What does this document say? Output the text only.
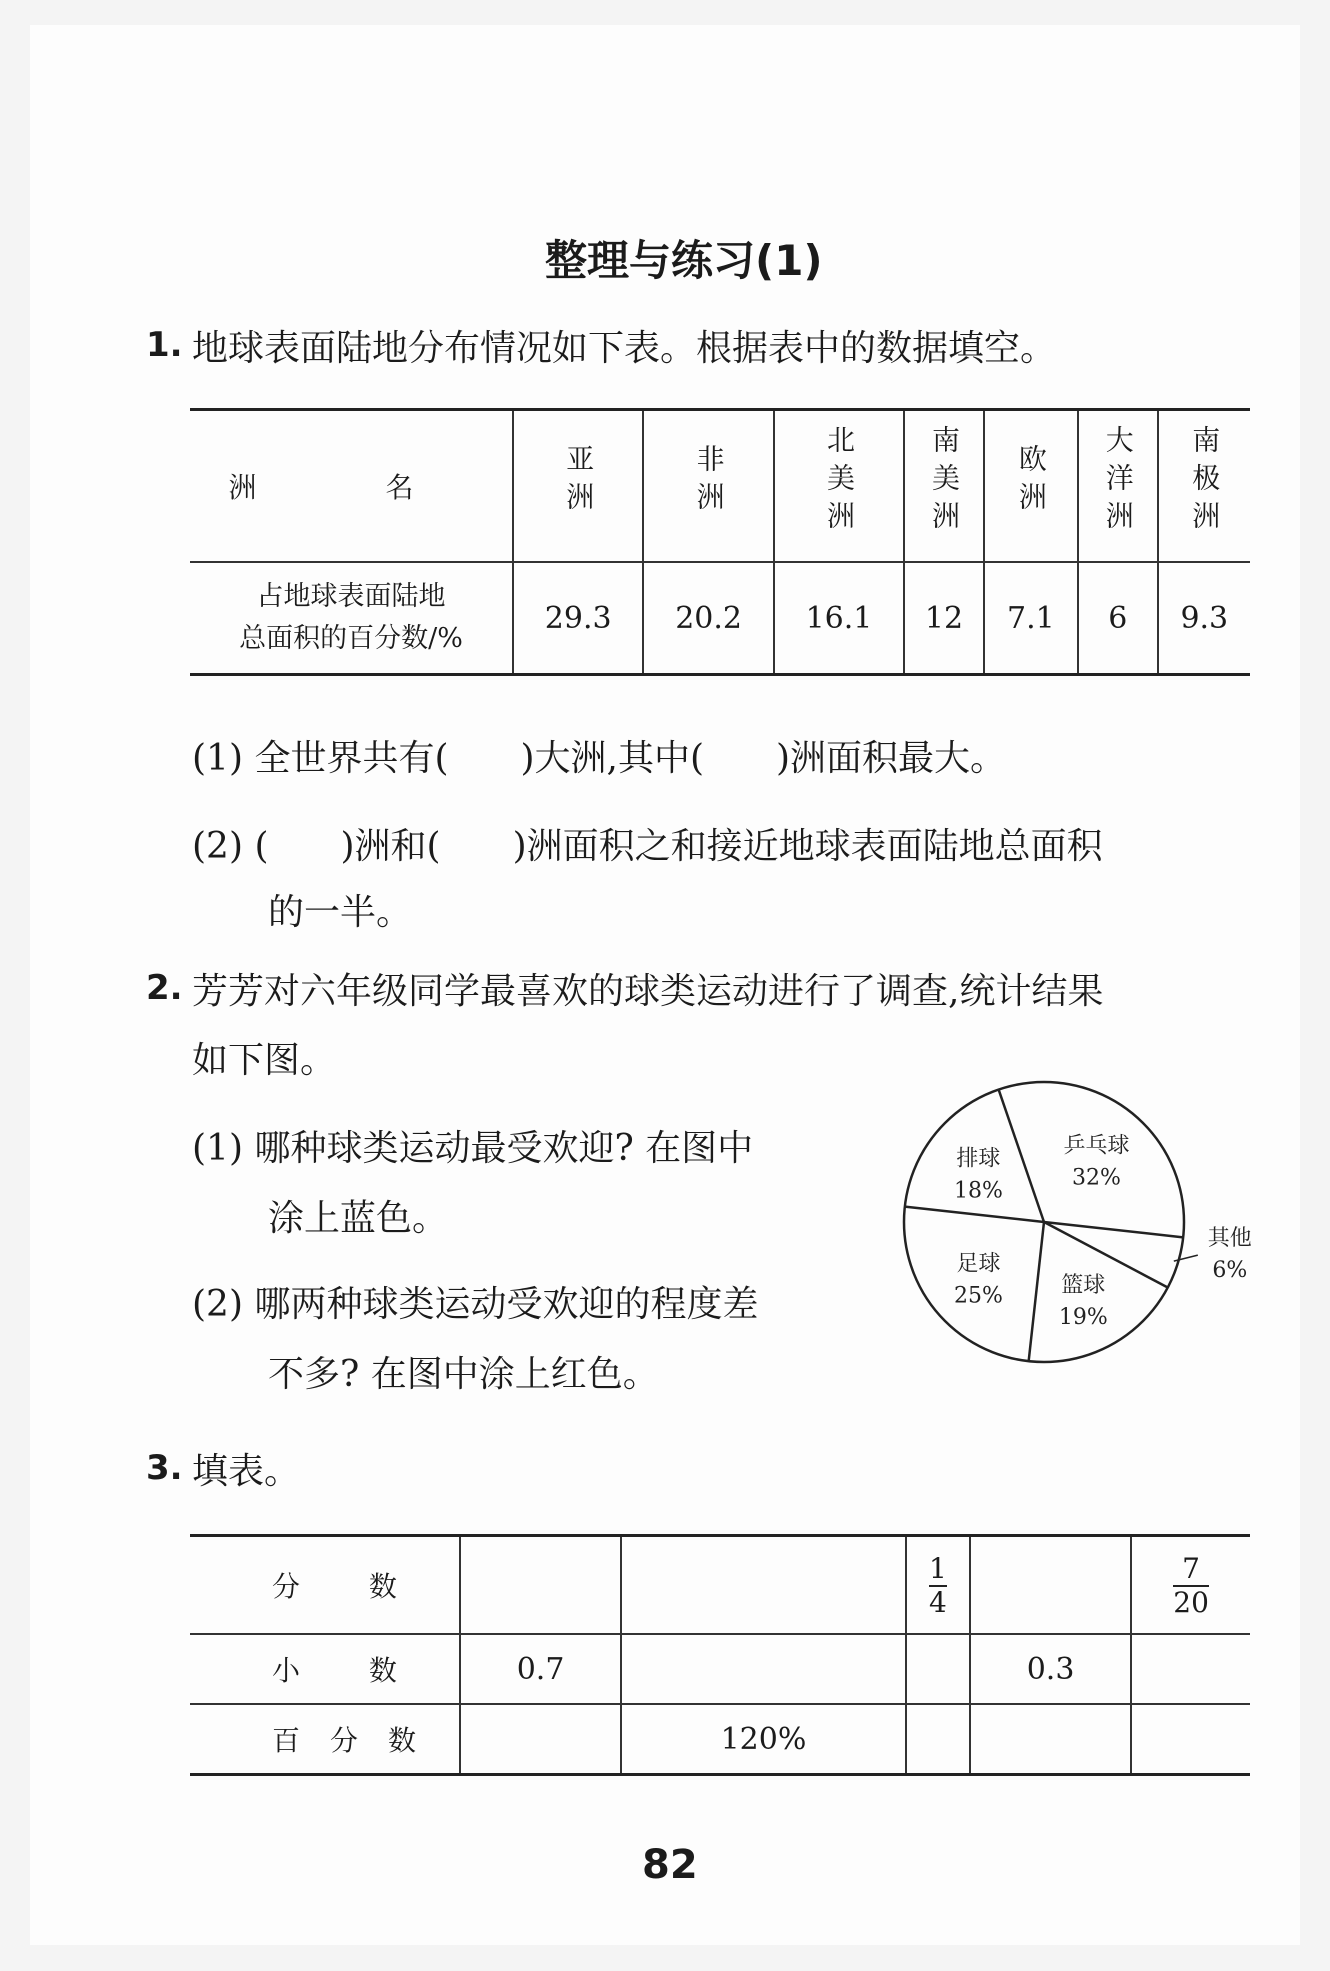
整理与练习(1)
1. 地球表面陆地分布情况如下表。根据表中的数据填空。
洲 名	亚洲	非洲	北美洲	南美洲	欧洲	大洋洲	南极洲

占地球表面陆地
总面积的百分数/%	29.3	20.2	16.1	12	7.1	6	9.3
(1) 全世界共有(　　)大洲,其中(　　)洲面积最大。
(2) (　　)洲和(　　)洲面积之和接近地球表面陆地总面积
的一半。
2. 芳芳对六年级同学最喜欢的球类运动进行了调查,统计结果
如下图。
(1) 哪种球类运动最受欢迎? 在图中
涂上蓝色。
(2) 哪两种球类运动受欢迎的程度差
不多? 在图中涂上红色。
乒乓球
32%
其他
6%
篮球
19%
足球
25%
排球
18%
3. 填表。
分 数			$\frac{1}{4}$		$\frac{7}{20}$

小 数	0.7			0.3	
百分数		120%			
82
